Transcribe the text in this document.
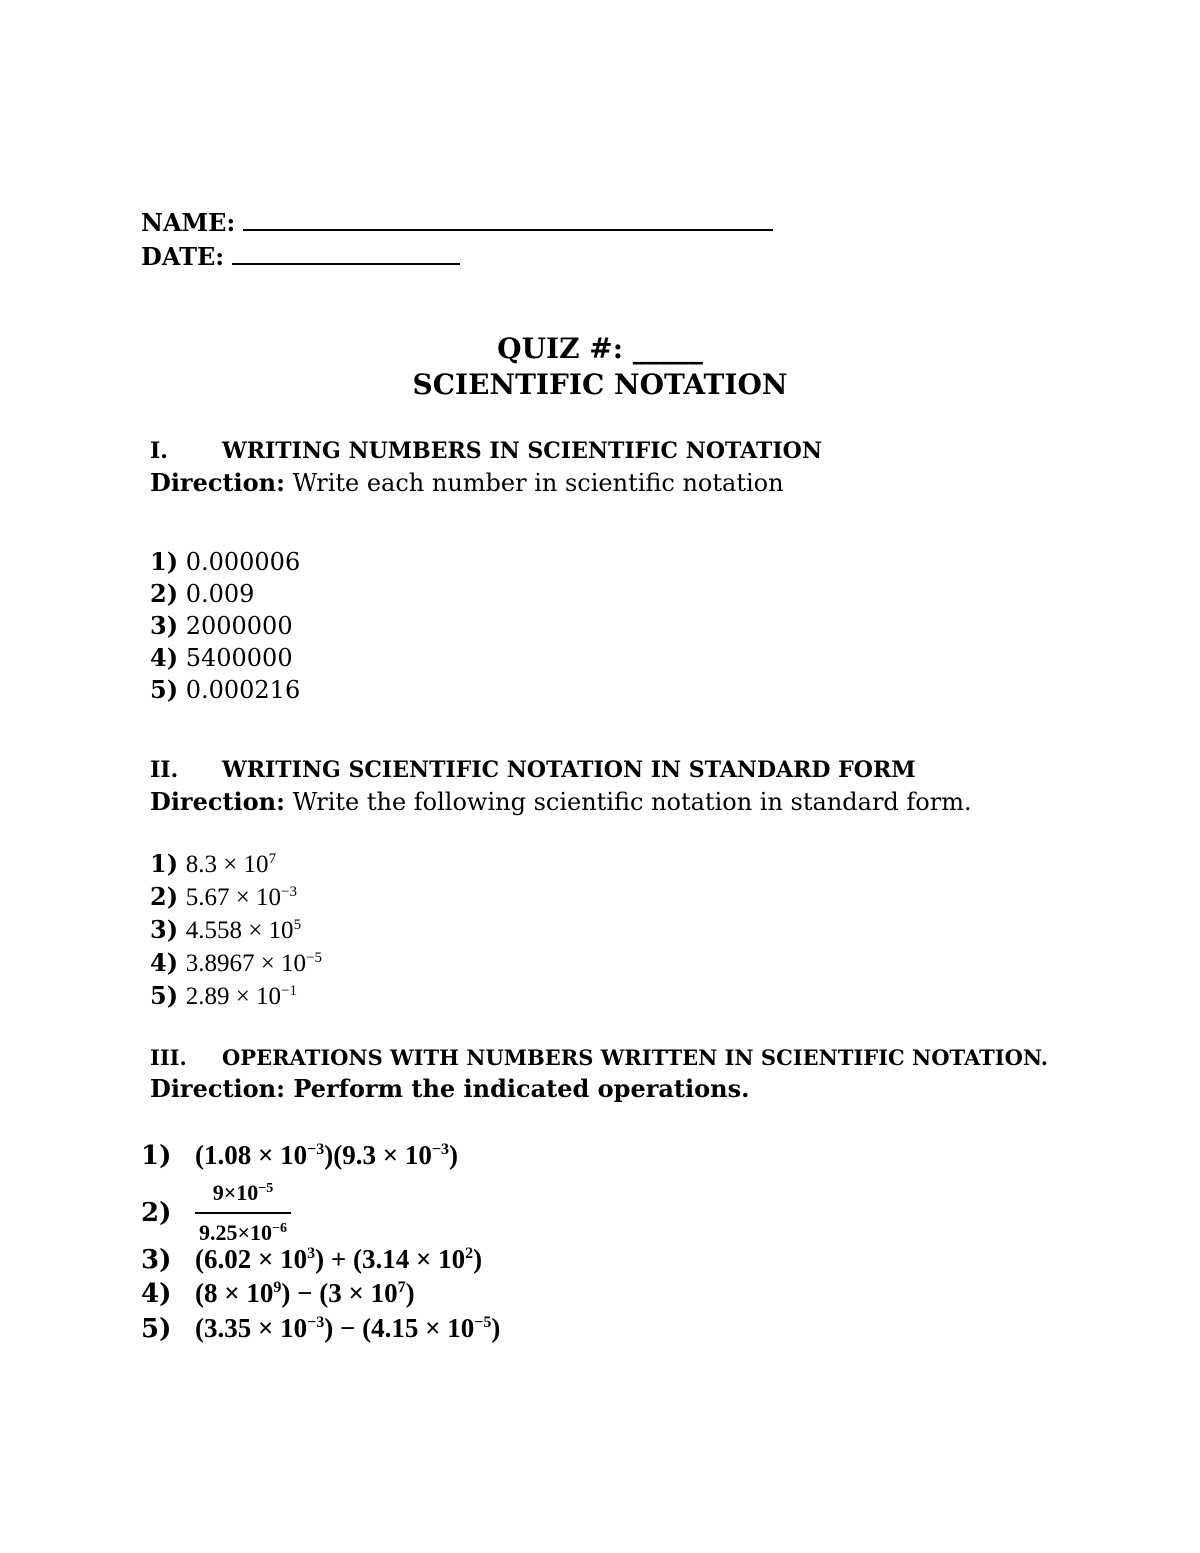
NAME:
DATE:
QUIZ #: _____
SCIENTIFIC NOTATION
I. WRITING NUMBERS IN SCIENTIFIC NOTATION
Direction: Write each number in scientific notation
1) 0.000006
2) 0.009
3) 2000000
4) 5400000
5) 0.000216
II. WRITING SCIENTIFIC NOTATION IN STANDARD FORM
Direction: Write the following scientific notation in standard form.
1) $8.3 \times 10^7$
2) $5.67 \times 10^{-3}$
3) $4.558 \times 10^5$
4) $3.8967 \times 10^{-5}$
5) $2.89 \times 10^{-1}$
III. OPERATIONS WITH NUMBERS WRITTEN IN SCIENTIFIC NOTATION.
Direction: Perform the indicated operations.
1) $(1.08 \times 10^{-3})(9.3 \times 10^{-3})$
$2) \frac{9\times 10^{-5}}{9.25\times 10^{-6}}$
3) $(6.02 \times 10^3) + (3.14 \times 10^2)$
4) $(8 \times 10^9) - (3 \times 10^7)$
5) $(3.35 \times 10^{-3}) - (4.15 \times 10^{-5})$
